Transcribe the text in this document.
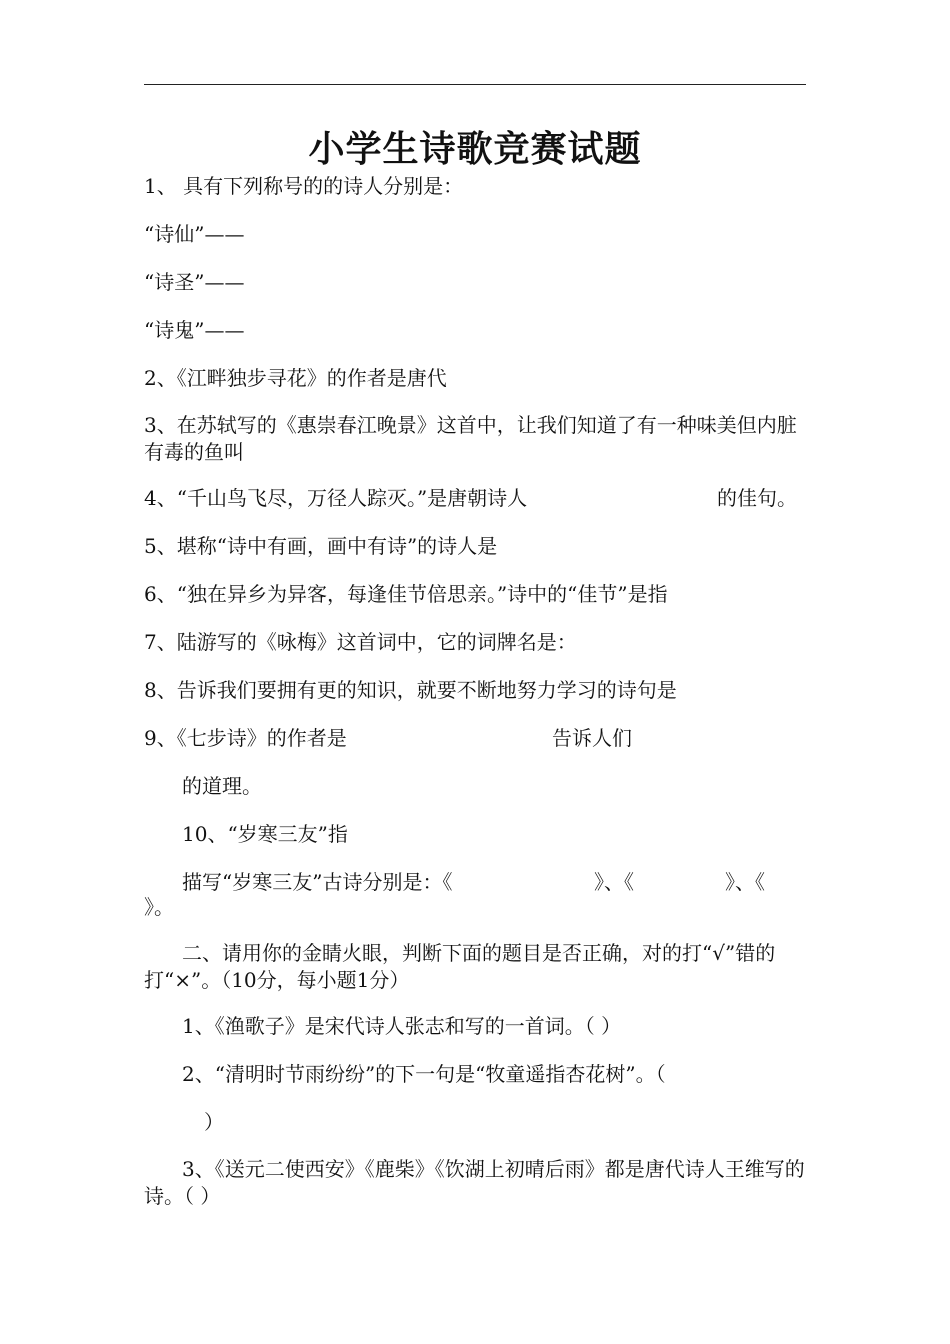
小学生诗歌竞赛试题
1、 具有下列称号的的诗人分别是：
“诗仙”——
“诗圣”——
“诗鬼”——
2、《江畔独步寻花》的作者是唐代
3、在苏轼写的《惠崇春江晚景》这首中，让我们知道了有一种味美但内脏有毒的鱼叫
4、“千山鸟飞尽，万径人踪灭。”是唐朝诗人	的佳句。
5、堪称“诗中有画，画中有诗”的诗人是
6、“独在异乡为异客，每逢佳节倍思亲。”诗中的“佳节”是指
7、陆游写的《咏梅》这首词中，它的词牌名是：
8、告诉我们要拥有更的知识，就要不断地努力学习的诗句是
9、《七步诗》的作者是	告诉人们
的道理。
10、“岁寒三友”指
描写“岁寒三友”古诗分别是：《	》、《	》、《
》。
二、请用你的金睛火眼，判断下面的题目是否正确，对的打“√”错的打“×”。（10分，每小题1分）
1、《渔歌子》是宋代诗人张志和写的一首词。（ ）
2、“清明时节雨纷纷”的下一句是“牧童遥指杏花树”。（
）
3、《送元二使西安》《鹿柴》《饮湖上初晴后雨》都是唐代诗人王维写的诗。（ ）
